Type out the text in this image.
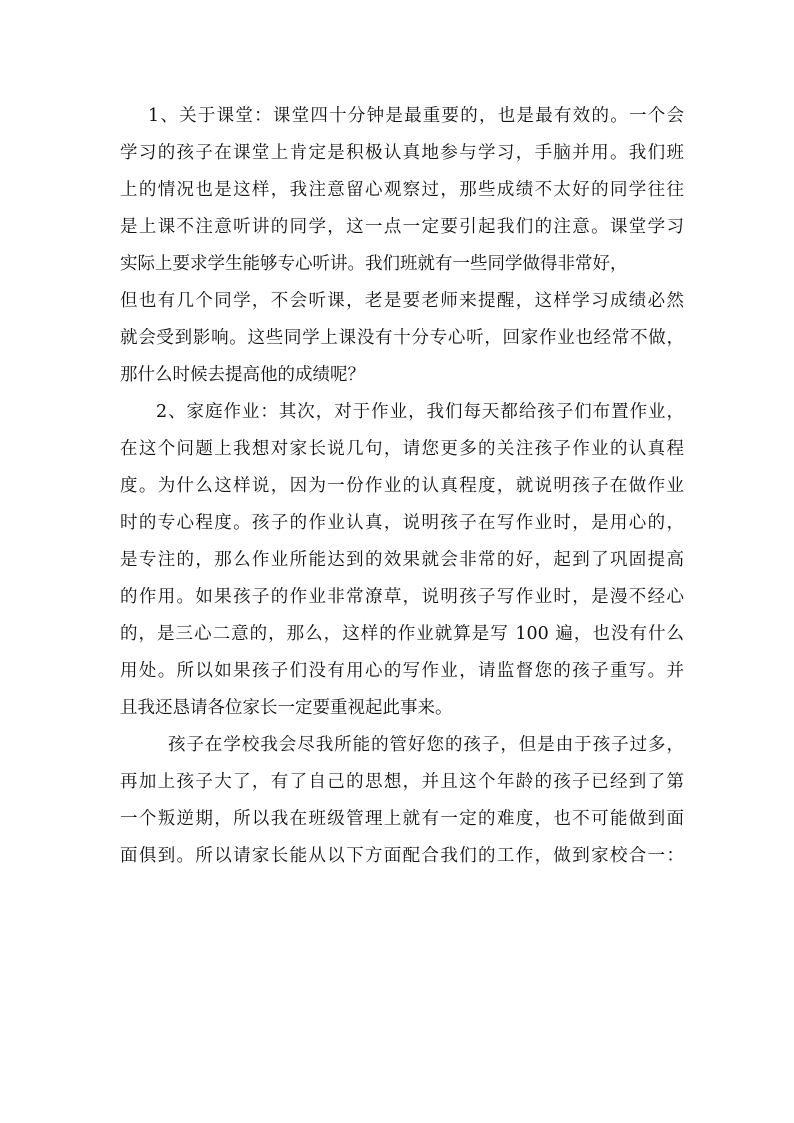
1、关于课堂：课堂四十分钟是最重要的，也是最有效的。一个会
学习的孩子在课堂上肯定是积极认真地参与学习，手脑并用。我们班
上的情况也是这样，我注意留心观察过，那些成绩不太好的同学往往
是上课不注意听讲的同学，这一点一定要引起我们的注意。课堂学习
实际上要求学生能够专心听讲。我们班就有一些同学做得非常好，
但也有几个同学，不会听课，老是要老师来提醒，这样学习成绩必然
就会受到影响。这些同学上课没有十分专心听，回家作业也经常不做，
那什么时候去提高他的成绩呢？
2、家庭作业：其次，对于作业，我们每天都给孩子们布置作业，
在这个问题上我想对家长说几句，请您更多的关注孩子作业的认真程
度。为什么这样说，因为一份作业的认真程度，就说明孩子在做作业
时的专心程度。孩子的作业认真，说明孩子在写作业时，是用心的，
是专注的，那么作业所能达到的效果就会非常的好，起到了巩固提高
的作用。如果孩子的作业非常潦草，说明孩子写作业时，是漫不经心
的，是三心二意的，那么，这样的作业就算是写 100 遍，也没有什么
用处。所以如果孩子们没有用心的写作业，请监督您的孩子重写。并
且我还恳请各位家长一定要重视起此事来。
孩子在学校我会尽我所能的管好您的孩子，但是由于孩子过多，
再加上孩子大了，有了自己的思想，并且这个年龄的孩子已经到了第
一个叛逆期，所以我在班级管理上就有一定的难度，也不可能做到面
面俱到。所以请家长能从以下方面配合我们的工作，做到家校合一：
